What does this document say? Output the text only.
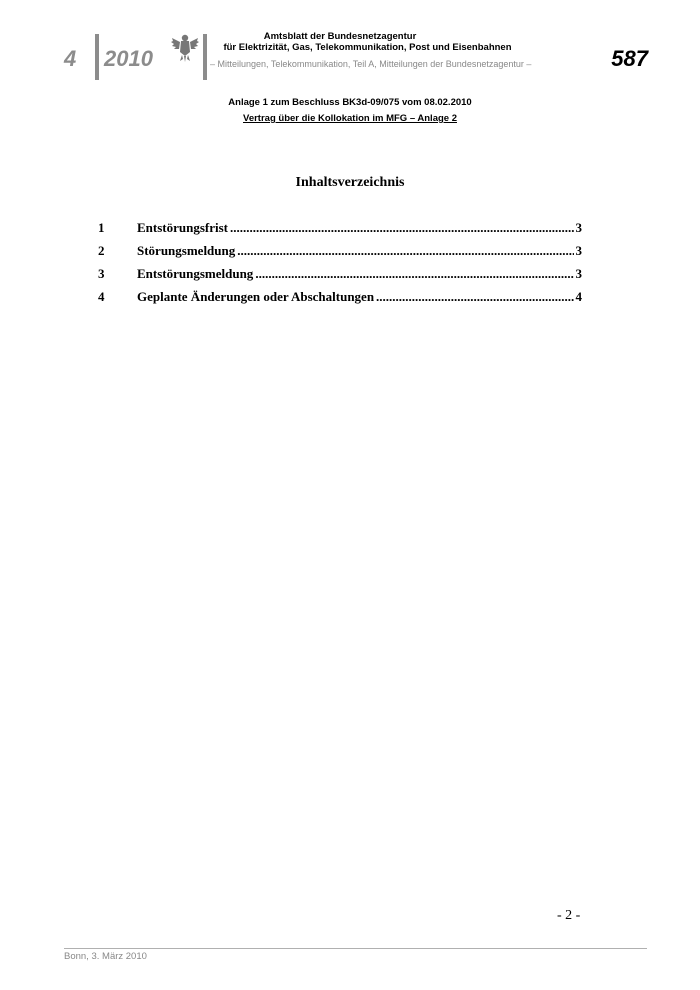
4 2010
Amtsblatt der Bundesnetzagentur
für Elektrizität, Gas, Telekommunikation, Post und Eisenbahnen
– Mitteilungen, Telekommunikation, Teil A, Mitteilungen der Bundesnetzagentur –	587
Anlage 1 zum Beschluss BK3d-09/075 vom 08.02.2010
Vertrag über die Kollokation im MFG – Anlage 2
Inhaltsverzeichnis
1	Entstörungsfrist .....	3
2	Störungsmeldung .....	3
3	Entstörungsmeldung .....	3
4	Geplante Änderungen oder Abschaltungen .....	4
- 2 -
Bonn, 3. März 2010
